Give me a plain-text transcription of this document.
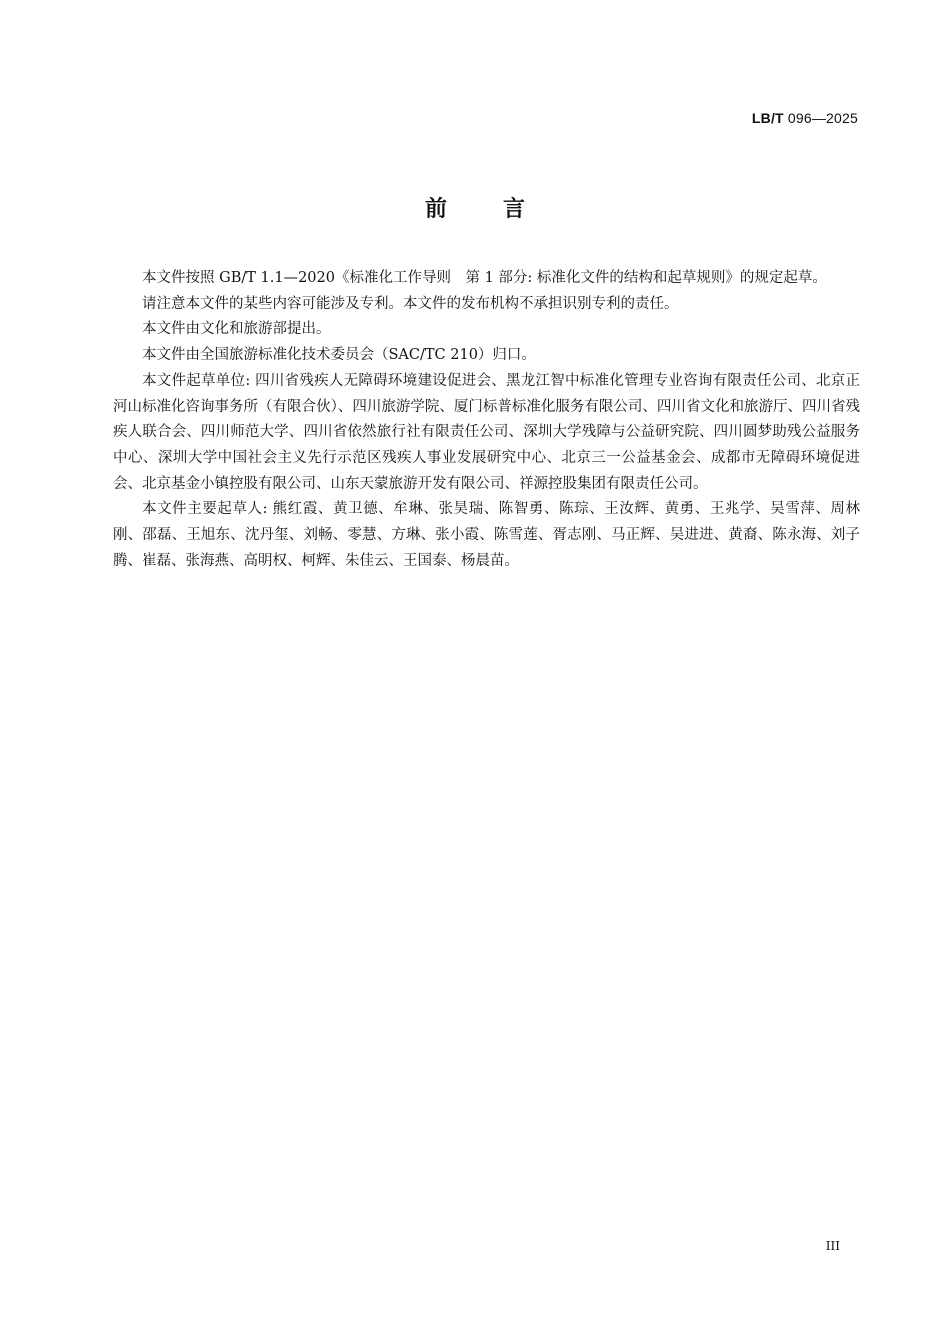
LB/T 096—2025
前言

本文件按照 GB/T 1.1—2020《标准化工作导则　第 1 部分: 标准化文件的结构和起草规则》的规定起草。

请注意本文件的某些内容可能涉及专利。本文件的发布机构不承担识别专利的责任。

本文件由文化和旅游部提出。

本文件由全国旅游标准化技术委员会（SAC/TC 210）归口。

本文件起草单位: 四川省残疾人无障碍环境建设促进会、黑龙江智中标准化管理专业咨询有限责任公司、北京正河山标准化咨询事务所（有限合伙）、四川旅游学院、厦门标普标准化服务有限公司、四川省文化和旅游厅、四川省残疾人联合会、四川师范大学、四川省依然旅行社有限责任公司、深圳大学残障与公益研究院、四川圆梦助残公益服务中心、深圳大学中国社会主义先行示范区残疾人事业发展研究中心、北京三一公益基金会、成都市无障碍环境促进会、北京基金小镇控股有限公司、山东天蒙旅游开发有限公司、祥源控股集团有限责任公司。

本文件主要起草人: 熊红霞、黄卫德、牟琳、张昊瑞、陈智勇、陈琮、王汝辉、黄勇、王兆学、吴雪萍、周林刚、邵磊、王旭东、沈丹玺、刘畅、零慧、方琳、张小霞、陈雪莲、胥志刚、马正辉、吴进进、黄裔、陈永海、刘子腾、崔磊、张海燕、高明权、柯辉、朱佳云、王国泰、杨晨苗。

III
